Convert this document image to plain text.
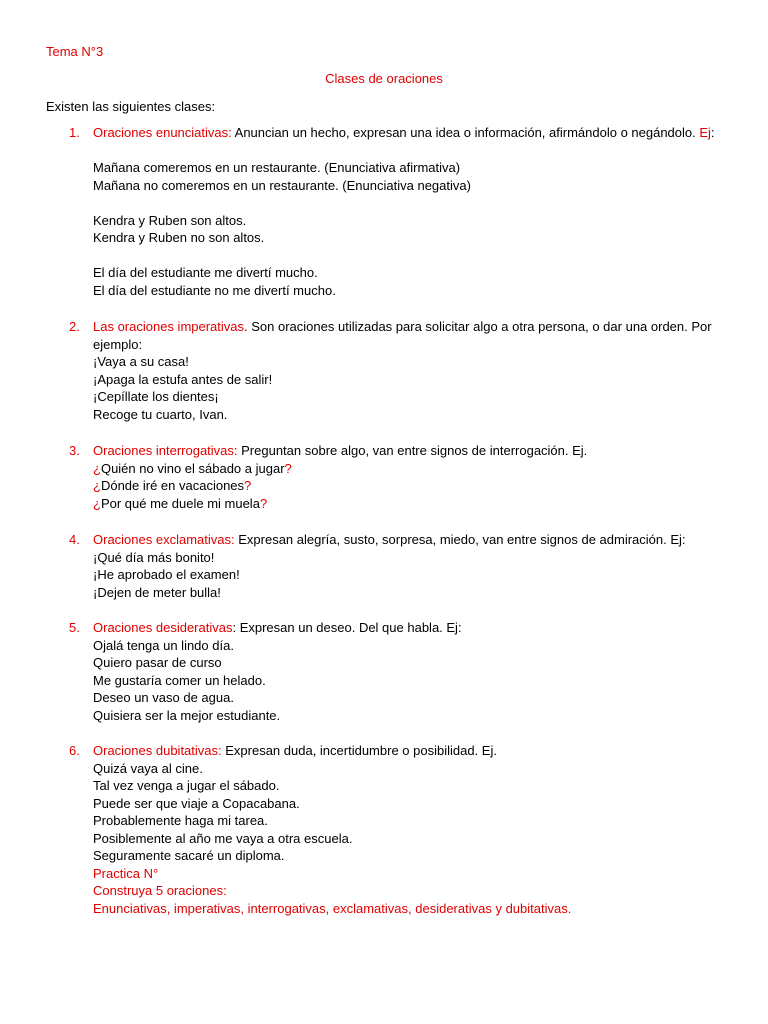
Tema N°3
Clases de oraciones
Existen las siguientes clases:
1.	Oraciones enunciativas: Anuncian un hecho, expresan una idea o información, afirmándolo o negándolo. Ej:
Mañana comeremos en un restaurante. (Enunciativa afirmativa)
Mañana no comeremos en un restaurante. (Enunciativa negativa)
Kendra y Ruben son altos.
Kendra y Ruben no son altos.
El día del estudiante me divertí mucho.
El día del estudiante no me divertí mucho.
2.	Las oraciones imperativas. Son oraciones utilizadas para solicitar algo a otra persona, o dar una orden. Por
ejemplo:
¡Vaya a su casa!
¡Apaga la estufa antes de salir!
¡Cepíllate los dientes¡
Recoge tu cuarto, Ivan.
3.	Oraciones interrogativas: Preguntan sobre algo, van entre signos de interrogación. Ej.
¿Quién no vino el sábado a jugar?
¿Dónde iré en vacaciones?
¿Por qué me duele mi muela?
4.	Oraciones exclamativas: Expresan alegría, susto, sorpresa, miedo, van entre signos de admiración. Ej:
¡Qué día más bonito!
¡He aprobado el examen!
¡Dejen de meter bulla!
5.	Oraciones desiderativas: Expresan un deseo. Del que habla. Ej:
Ojalá tenga un lindo día.
Quiero pasar de curso
Me gustaría comer un helado.
Deseo un vaso de agua.
Quisiera ser la mejor estudiante.
6.	Oraciones dubitativas: Expresan duda, incertidumbre o posibilidad. Ej.
Quizá vaya al cine.
Tal vez venga a jugar el sábado.
Puede ser que viaje a Copacabana.
Probablemente haga mi tarea.
Posiblemente al año me vaya a otra escuela.
Seguramente sacaré un diploma.
Practica N°
Construya 5 oraciones:
Enunciativas, imperativas, interrogativas, exclamativas, desiderativas y dubitativas.
